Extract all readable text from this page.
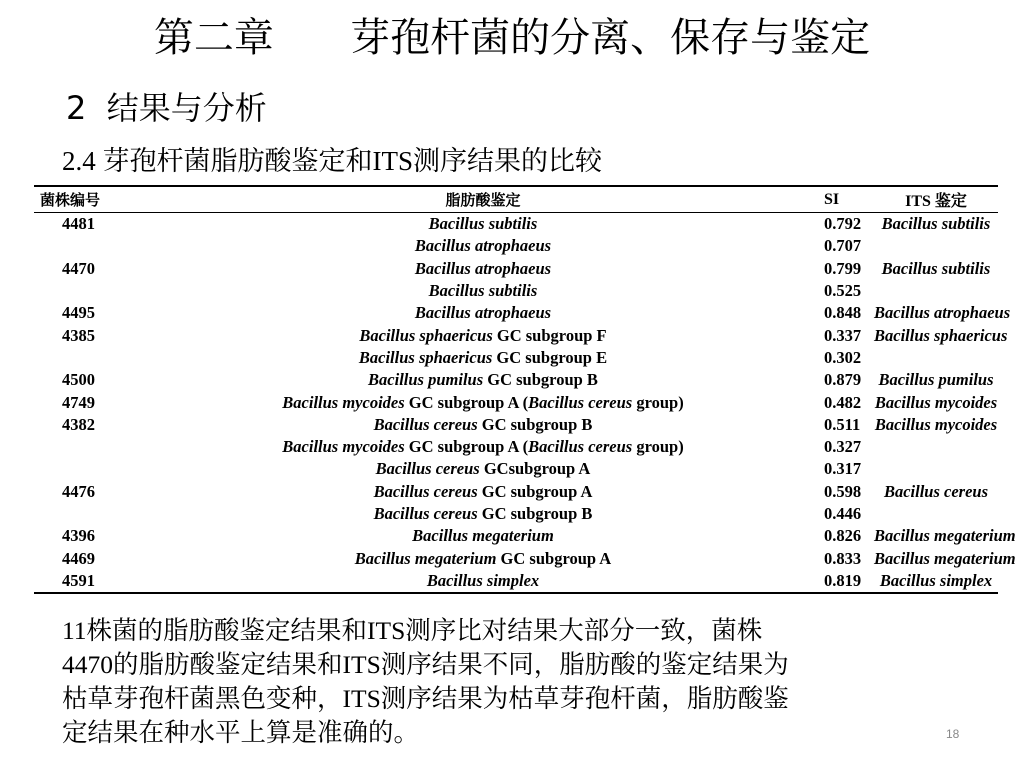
第二章      芽孢杆菌的分离、保存与鉴定
2  结果与分析
2.4 芽孢杆菌脂肪酸鉴定和ITS测序结果的比较
菌株编号	脂肪酸鉴定	SI	ITS 鉴定
4481	Bacillus subtilis	0.792	Bacillus subtilis
	Bacillus atrophaeus	0.707	
4470	Bacillus atrophaeus	0.799	Bacillus subtilis
	Bacillus subtilis	0.525	
4495	Bacillus atrophaeus	0.848	Bacillus atrophaeus
4385	Bacillus sphaericus GC subgroup F	0.337	Bacillus sphaericus
	Bacillus sphaericus GC subgroup E	0.302	
4500	Bacillus pumilus GC subgroup B	0.879	Bacillus pumilus
4749	Bacillus mycoides GC subgroup A (Bacillus cereus group)	0.482	Bacillus mycoides
4382	Bacillus cereus GC subgroup B	0.511	Bacillus mycoides
	Bacillus mycoides GC subgroup A (Bacillus cereus group)	0.327	
	Bacillus cereus GCsubgroup A	0.317	
4476	Bacillus cereus GC subgroup A	0.598	Bacillus cereus
	Bacillus cereus GC subgroup B	0.446	
4396	Bacillus megaterium	0.826	Bacillus megaterium
4469	Bacillus megaterium GC subgroup A	0.833	Bacillus megaterium
4591	Bacillus simplex	0.819	Bacillus simplex
11株菌的脂肪酸鉴定结果和ITS测序比对结果大部分一致，菌株
4470的脂肪酸鉴定结果和ITS测序结果不同，脂肪酸的鉴定结果为
枯草芽孢杆菌黑色变种，ITS测序结果为枯草芽孢杆菌，脂肪酸鉴
定结果在种水平上算是准确的。	18
